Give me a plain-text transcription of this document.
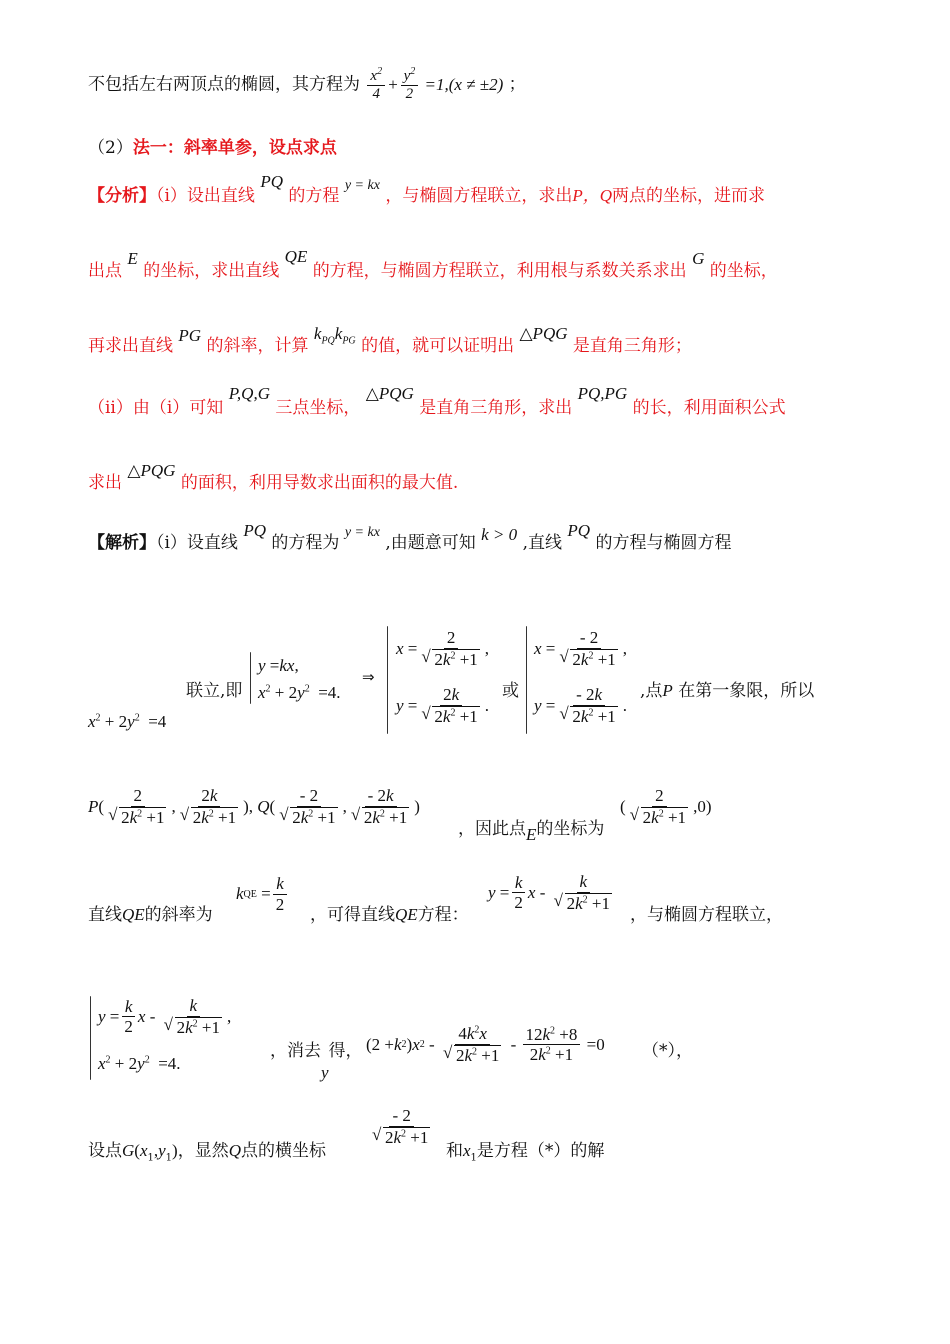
不包括左右两顶点的椭圆，其方程为 $\frac{x^2}{4} + \frac{y^2}{2} =1$,( x ≠ ±2) ；
（2）法一：斜率单参，设点求点
【分析】（i）设出直线 PQ 的方程 $^{y = kx}$ ，与椭圆方程联立，求出P，Q两点的坐标，进而求
出点 E 的坐标，求出直线 QE 的方程，与椭圆方程联立，利用根与系数关系求出 G 的坐标，
再求出直线 PG 的斜率，计算 $k_{PQ}k_{PG}$ 的值，就可以证明出 △PQG 是直角三角形；
（ii）由（i）可知 P,Q,G 三点坐标， △PQG 是直角三角形，求出 PQ,PG 的长，利用面积公式
求出 △PQG 的面积，利用导数求出面积的最大值.
【解析】（i）设直线 PQ 的方程为 $^{y = kx}$ ,由题意可知 k > 0 ,直线 PQ 的方程与椭圆方程
联立,即
y =kx,
$x^2 + 2y^2 =4$.
⇒
x = 2
√ $2k^2 +1$ ,
y = 2k
√ $2k^2 +1$ .
或
x = - 2
√ $2k^2 +1$ ,
y = - 2k
√ $2k^2 +1$ .
,点P 在第一象限，所以
$x^2 + 2y^2 =4$
P ( 2
√ $2k^2 +1$ , 2k
√ $2k^2 +1$ ), Q ( - 2
√ $2k^2 +1$ , - 2k
√ $2k^2 +1$ )
，因此点E的坐标为
( 2
√ $2k^2 +1$ ,0)
直线QE的斜率为
k QE = $\frac{k}{2}$
，可得直线QE方程：
$y = \frac{k}{2}$ x - k
√ $2k^2 +1$
，与椭圆方程联立，
$y = \frac{k}{2}$ x - k
√ $2k^2 +1$ ,
$x^2 + 2y^2 =4$.
，消去y得， (2 + k 2 ) x $2 - 4k^2x$
√ $2k^2 +1 - \frac{12k^2 +8}{2k^2 +1} =0$ （*），
设点$G(x_1,y_1)$，显然Q点的横坐标
- 2
√ $2k^2 +1$
和$x_1$是方程（*）的解
